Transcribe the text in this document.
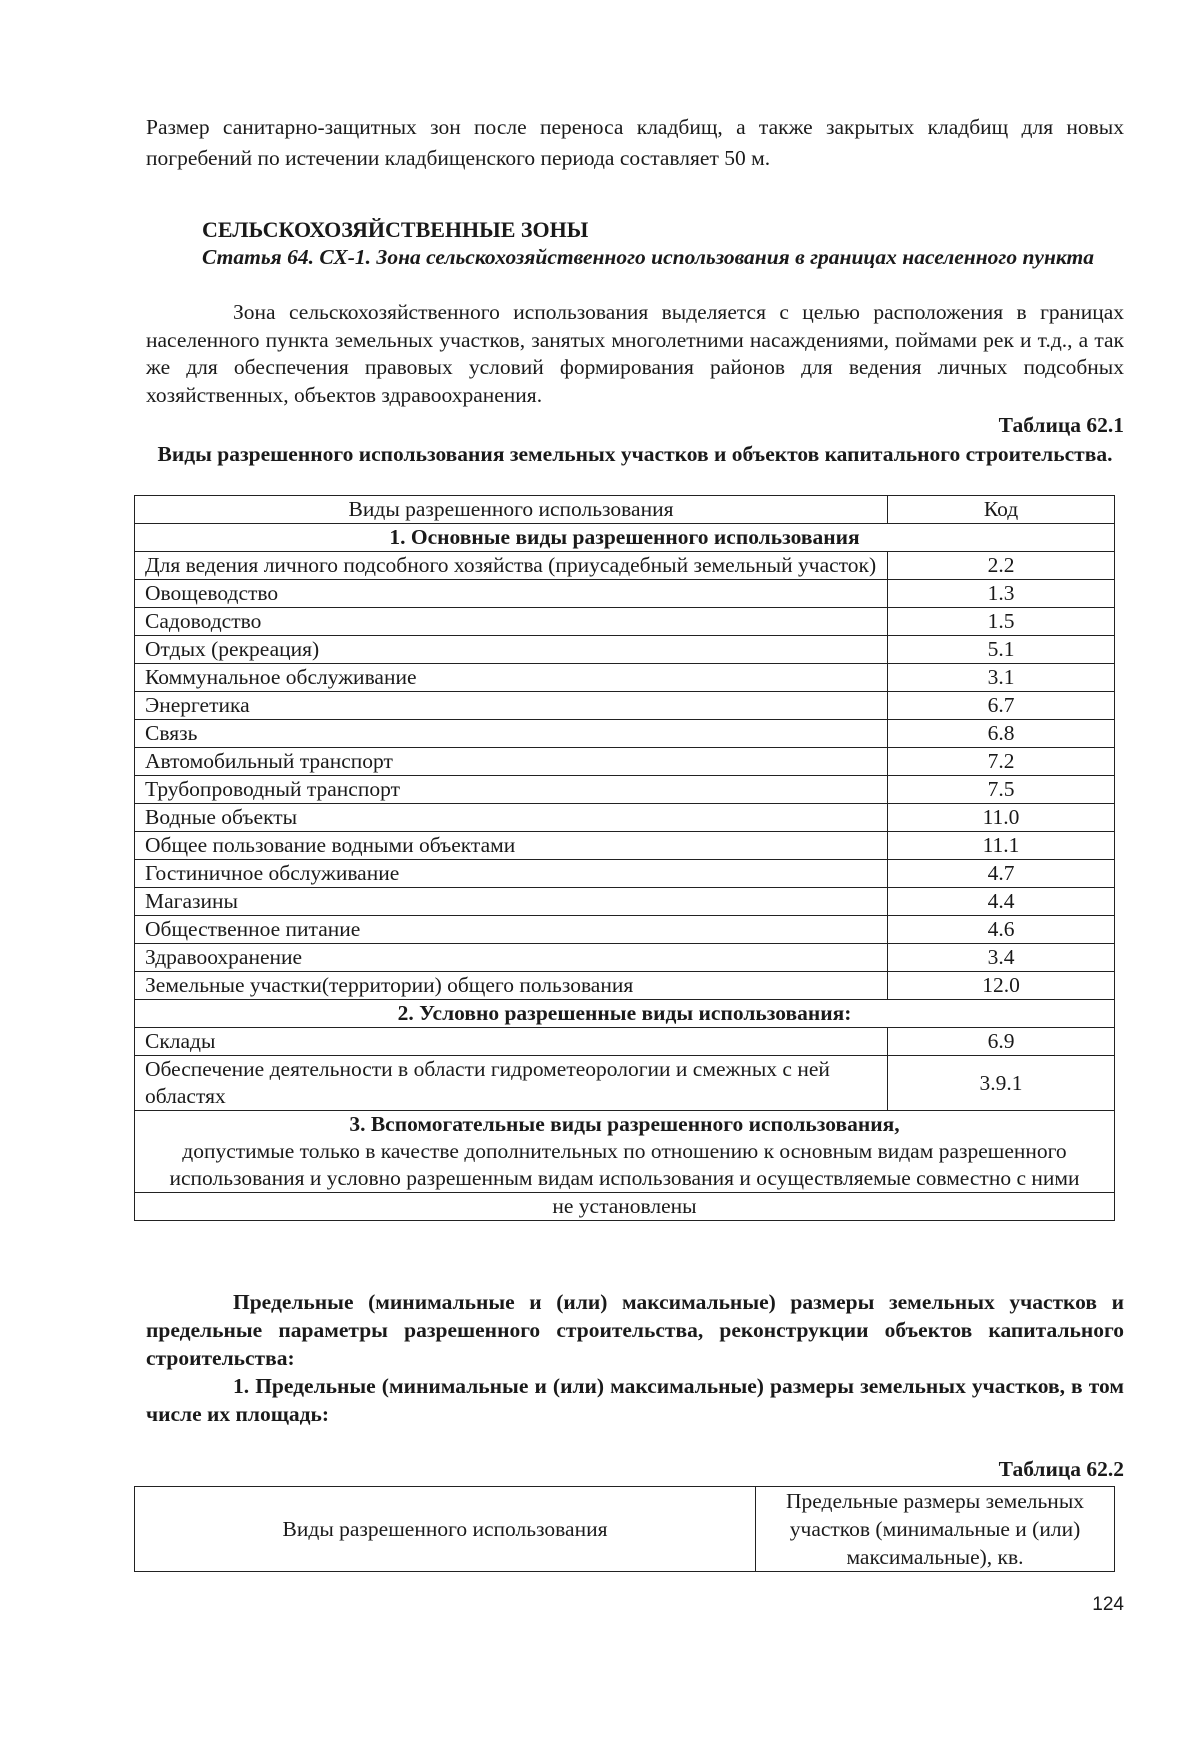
Размер санитарно-защитных зон после переноса кладбищ, а также закрытых кладбищ для новых погребений по истечении кладбищенского периода составляет 50 м.

СЕЛЬСКОХОЗЯЙСТВЕННЫЕ ЗОНЫ

Статья 64. СХ-1. Зона сельскохозяйственного использования в границах населенного пункта

Зона сельскохозяйственного использования выделяется с целью расположения в границах населенного пункта земельных участков, занятых многолетними насаждениями, поймами рек и т.д., а так же для обеспечения правовых условий формирования районов для ведения личных подсобных хозяйственных, объектов здравоохранения.

Таблица 62.1

Виды разрешенного использования земельных участков и объектов капитального строительства.

Виды разрешенного использования	Код
1. Основные виды разрешенного использования	
Для ведения личного подсобного хозяйства (приусадебный земельный участок)	2.2
Овощеводство	1.3
Садоводство	1.5
Отдых (рекреация)	5.1
Коммунальное обслуживание	3.1
Энергетика	6.7
Связь	6.8
Автомобильный транспорт	7.2
Трубопроводный транспорт	7.5
Водные объекты	11.0
Общее пользование водными объектами	11.1
Гостиничное обслуживание	4.7
Магазины	4.4
Общественное питание	4.6
Здравоохранение	3.4
Земельные участки(территории) общего пользования	12.0
2. Условно разрешенные виды использования:	
Склады	6.9
Обеспечение деятельности в области гидрометеорологии и смежных с ней областях	3.9.1
3. Вспомогательные виды разрешенного использования,
допустимые только в качестве дополнительных по отношению к основным видам разрешенного использования и условно разрешенным видам использования и осуществляемые совместно с ними	

не установлены	

Предельные (минимальные и (или) максимальные) размеры земельных участков и предельные параметры разрешенного строительства, реконструкции объектов капитального строительства:

1. Предельные (минимальные и (или) максимальные) размеры земельных участков, в том числе их площадь:

Таблица 62.2

Виды разрешенного использования	Предельные размеры земельных участков (минимальные и (или) максимальные), кв.
124
